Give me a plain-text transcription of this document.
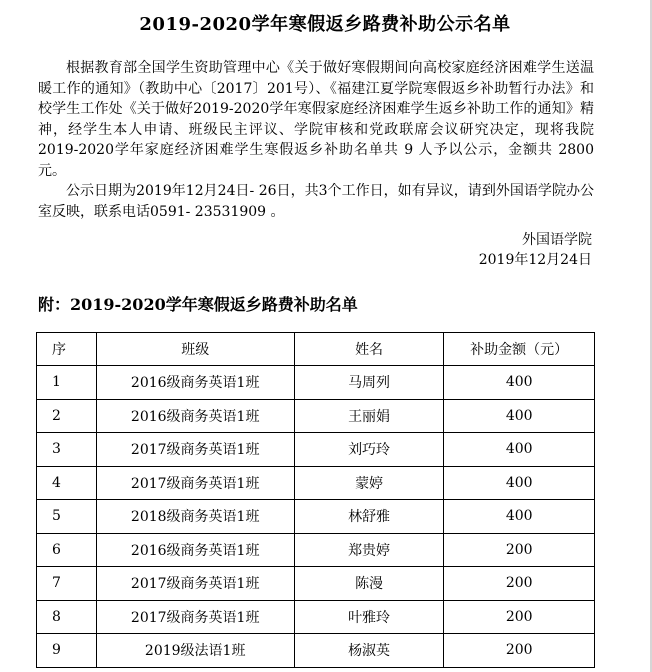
2019-2020学年寒假返乡路费补助公示名单

根据教育部全国学生资助管理中心《关于做好寒假期间向高校家庭经济困难学生送温暖工作的通知》（教助中心〔2017〕201号）、《福建江夏学院寒假返乡补助暂行办法》和校学生工作处《关于做好2019-2020学年寒假家庭经济困难学生返乡补助工作的通知》精神，经学生本人申请、班级民主评议、学院审核和党政联席会议研究决定，现将我院2019-2020学年家庭经济困难学生寒假返乡补助名单共 9 人予以公示，金额共 2800 元。

公示日期为2019年12月24日- 26日，共3个工作日，如有异议，请到外国语学院办公室反映，联系电话0591- 23531909 。

外国语学院
2019年12月24日
附：2019-2020学年寒假返乡路费补助名单
序	班级	姓名	补助金额（元）
1	2016级商务英语1班	马周列	400
2	2016级商务英语1班	王丽娟	400
3	2017级商务英语1班	刘巧玲	400
4	2017级商务英语1班	蒙婷	400
5	2018级商务英语1班	林舒雅	400
6	2016级商务英语1班	郑贵婷	200
7	2017级商务英语1班	陈漫	200
8	2017级商务英语1班	叶雅玲	200
9	2019级法语1班	杨淑英	200
